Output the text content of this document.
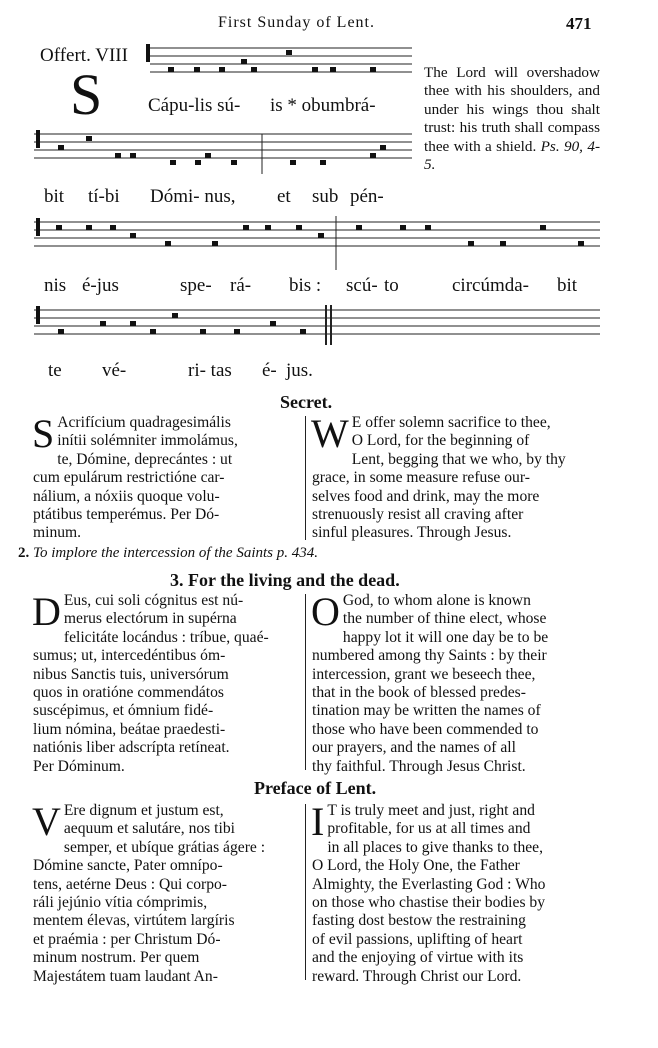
First Sunday of Lent.	471
Offert. VIII
S Cápu-lis sú- is * obumbrá-
bit tí-bi Dómi- nus, et sub pén-
nis é-jus	spe- rá- bis : scú- to	circúmda- bit
te vé-	ri- tas é- jus.
The Lord will overshadow thee with his shoulders, and under his wings thou shalt trust: his truth shall compass thee with a shield. Ps. 90, 4-5.
Secret.
S Acrifícium quadragesimális
inítii solémniter immolámus,
te, Dómine, deprecántes : ut
cum epulárum restrictióne car-
nálium, a nóxiis quoque volu-
ptátibus temperémus. Per Dó-
minum.
W E offer solemn sacrifice to thee,
O Lord, for the beginning of
Lent, begging that we who, by thy
grace, in some measure refuse our-
selves food and drink, may the more
strenuously resist all craving after
sinful pleasures. Through Jesus.
2. To implore the intercession of the Saints p. 434.
3. For the living and the dead.
D Eus, cui soli cógnitus est nú-
merus electórum in supérna
felicitáte locándus : tríbue, quaé-
sumus; ut, intercedéntibus óm-
nibus Sanctis tuis, universórum
quos in oratióne commendátos
suscépimus, et ómnium fidé-
lium nómina, beátae praedesti-
natiónis liber adscrípta retíneat.
Per Dóminum.
O God, to whom alone is known
the number of thine elect, whose
happy lot it will one day be to be
numbered among thy Saints : by their
intercession, grant we beseech thee,
that in the book of blessed predes-
tination may be written the names of
those who have been commended to
our prayers, and the names of all
thy faithful. Through Jesus Christ.
Preface of Lent.
V Ere dignum et justum est,
aequum et salutáre, nos tibi
semper, et ubíque grátias ágere :
Dómine sancte, Pater omnípo-
tens, aetérne Deus : Qui corpo-
ráli jejúnio vítia cómprimis,
mentem élevas, virtútem largíris
et praémia : per Christum Dó-
minum nostrum. Per quem
Majestátem tuam laudant An-
I T is truly meet and just, right and
profitable, for us at all times and
in all places to give thanks to thee,
O Lord, the Holy One, the Father
Almighty, the Everlasting God : Who
on those who chastise their bodies by
fasting dost bestow the restraining
of evil passions, uplifting of heart
and the enjoying of virtue with its
reward. Through Christ our Lord.
